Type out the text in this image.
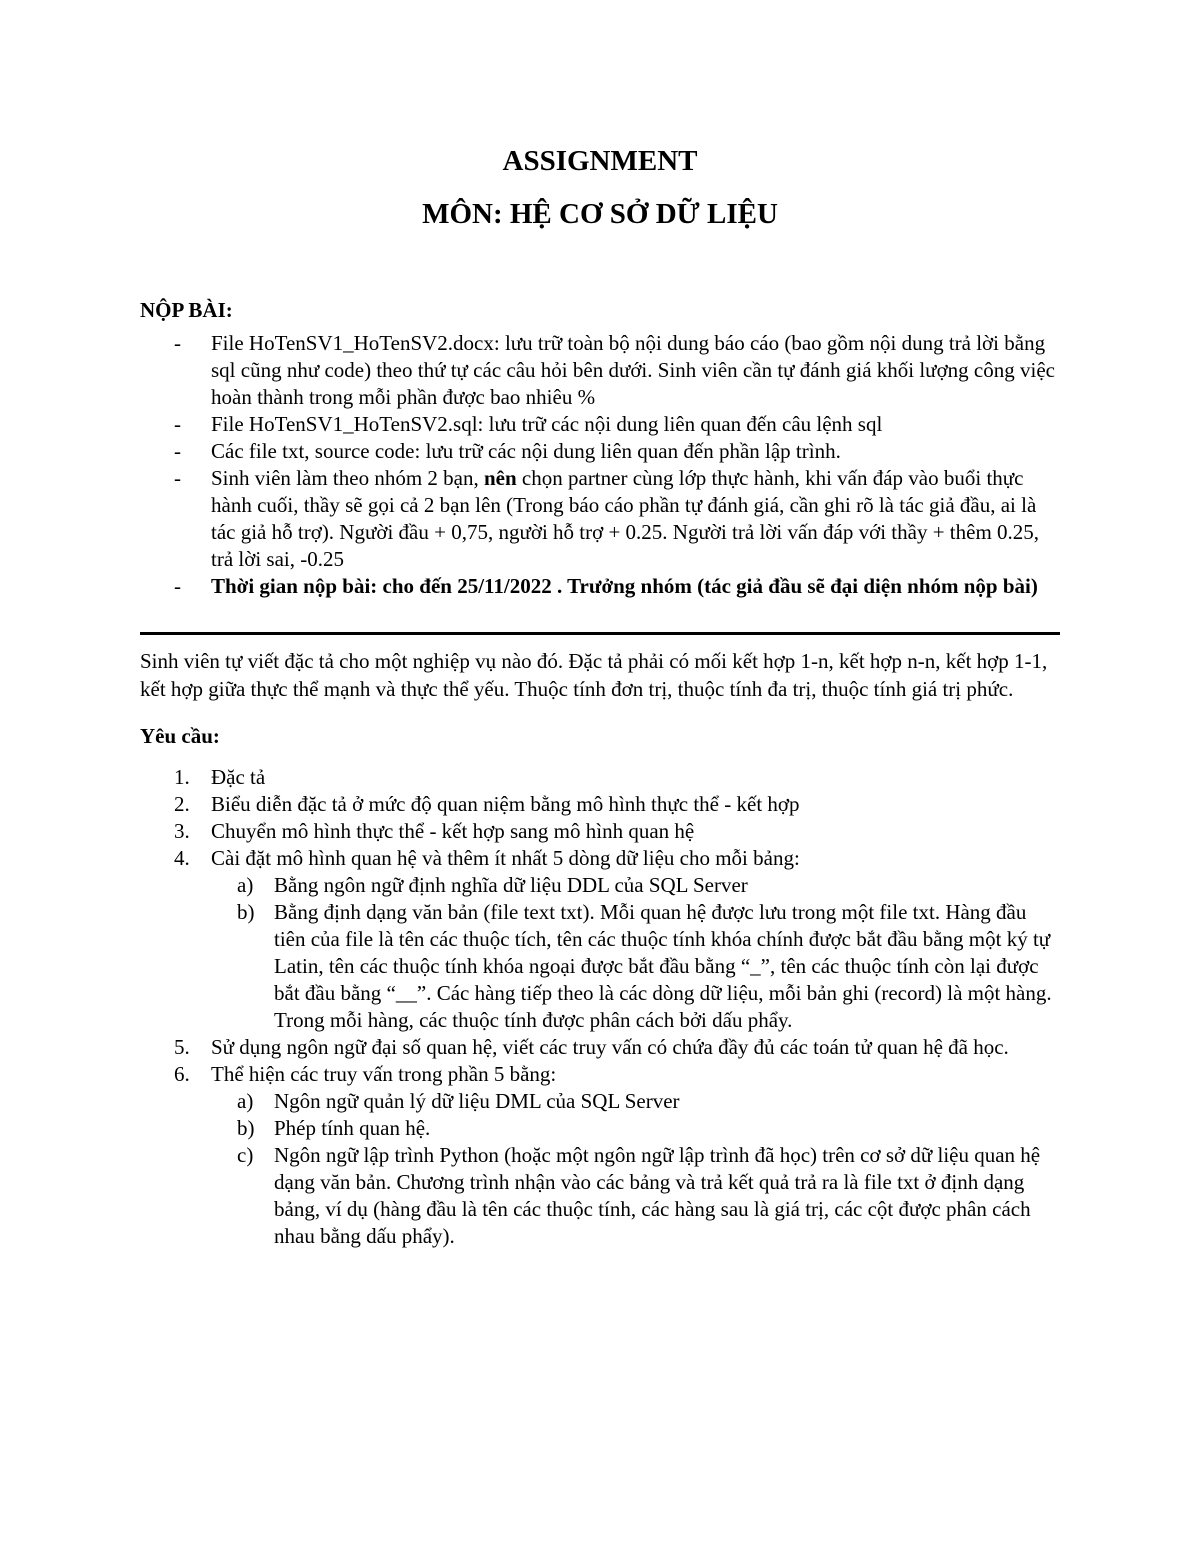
ASSIGNMENT
MÔN: HỆ CƠ SỞ DỮ LIỆU
NỘP BÀI:
- File HoTenSV1_HoTenSV2.docx: lưu trữ toàn bộ nội dung báo cáo (bao gồm nội dung trả lời bằng sql cũng như code) theo thứ tự các câu hỏi bên dưới. Sinh viên cần tự đánh giá khối lượng công việc hoàn thành trong mỗi phần được bao nhiêu %
- File HoTenSV1_HoTenSV2.sql: lưu trữ các nội dung liên quan đến câu lệnh sql
- Các file txt, source code: lưu trữ các nội dung liên quan đến phần lập trình.
- Sinh viên làm theo nhóm 2 bạn, nên chọn partner cùng lớp thực hành, khi vấn đáp vào buổi thực hành cuối, thầy sẽ gọi cả 2 bạn lên (Trong báo cáo phần tự đánh giá, cần ghi rõ là tác giả đầu, ai là tác giả hỗ trợ). Người đầu + 0,75, người hỗ trợ + 0.25. Người trả lời vấn đáp với thầy + thêm 0.25, trả lời sai, -0.25
- Thời gian nộp bài: cho đến 25/11/2022 . Trưởng nhóm (tác giả đầu sẽ đại diện nhóm nộp bài)

Sinh viên tự viết đặc tả cho một nghiệp vụ nào đó. Đặc tả phải có mối kết hợp 1-n, kết hợp n-n, kết hợp 1-1, kết hợp giữa thực thể mạnh và thực thể yếu. Thuộc tính đơn trị, thuộc tính đa trị, thuộc tính giá trị phức.

Yêu cầu:
1. Đặc tả
2. Biểu diễn đặc tả ở mức độ quan niệm bằng mô hình thực thể - kết hợp
3. Chuyển mô hình thực thể - kết hợp sang mô hình quan hệ
4. Cài đặt mô hình quan hệ và thêm ít nhất 5 dòng dữ liệu cho mỗi bảng:
a) Bằng ngôn ngữ định nghĩa dữ liệu DDL của SQL Server
b) Bằng định dạng văn bản (file text txt). Mỗi quan hệ được lưu trong một file txt. Hàng đầu tiên của file là tên các thuộc tích, tên các thuộc tính khóa chính được bắt đầu bằng một ký tự Latin, tên các thuộc tính khóa ngoại được bắt đầu bằng “_”, tên các thuộc tính còn lại được bắt đầu bằng “__”. Các hàng tiếp theo là các dòng dữ liệu, mỗi bản ghi (record) là một hàng. Trong mỗi hàng, các thuộc tính được phân cách bởi dấu phẩy.
5. Sử dụng ngôn ngữ đại số quan hệ, viết các truy vấn có chứa đầy đủ các toán tử quan hệ đã học.
6. Thể hiện các truy vấn trong phần 5 bằng:
a) Ngôn ngữ quản lý dữ liệu DML của SQL Server
b) Phép tính quan hệ.
c) Ngôn ngữ lập trình Python (hoặc một ngôn ngữ lập trình đã học) trên cơ sở dữ liệu quan hệ dạng văn bản. Chương trình nhận vào các bảng và trả kết quả trả ra là file txt ở định dạng bảng, ví dụ (hàng đầu là tên các thuộc tính, các hàng sau là giá trị, các cột được phân cách nhau bằng dấu phẩy).
